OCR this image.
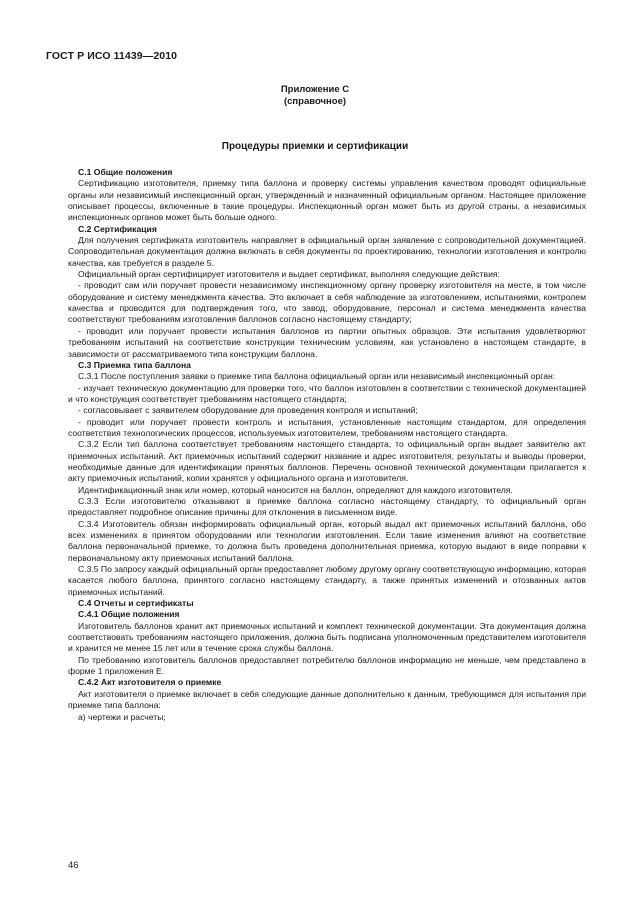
ГОСТ Р ИСО 11439—2010
Приложение С
(справочное)
Процедуры приемки и сертификации

С.1 Общие положения

Сертификацию изготовителя, приемку типа баллона и проверку системы управления качеством проводят официальные органы или независимый инспекционный орган, утвержденный и назначенный официальным органом. Настоящее приложение описывает процессы, включенные в такие процедуры. Инспекционный орган может быть из другой страны, а независимых инспекционных органов может быть больше одного.

С.2 Сертификация

Для получения сертификата изготовитель направляет в официальный орган заявление с сопроводительной документацией. Сопроводительная документация должна включать в себя документы по проектированию, технологии изготовления и контролю качества, как требуется в разделе 5.

Официальный орган сертифицирует изготовителя и выдает сертификат, выполняя следующие действия:

- проводит сам или поручает провести независимому инспекционному органу проверку изготовителя на месте, в том числе оборудование и систему менеджмента качества. Это включает в себя наблюдение за изготовлением, испытаниями, контролем качества и проводится для подтверждения того, что завод, оборудование, персонал и система менеджмента качества соответствуют требованиям изготовления баллонов согласно настоящему стандарту;

- проводит или поручает провести испытания баллонов из партии опытных образцов. Эти испытания удовлетворяют требованиям испытаний на соответствие конструкции техническим условиям, как установлено в настоящем стандарте, в зависимости от рассматриваемого типа конструкции баллона.

С.3 Приемка типа баллона

С.3.1 После поступления заявки о приемке типа баллона официальный орган или независимый инспекционный орган:

- изучает техническую документацию для проверки того, что баллон изготовлен в соответствии с технической документацией и что конструкция соответствует требованиям настоящего стандарта;

- согласовывает с заявителем оборудование для проведения контроля и испытаний;

- проводит или поручает провести контроль и испытания, установленные настоящим стандартом, для определения соответствия технологических процессов, используемых изготовителем, требованиям настоящего стандарта.

С.3.2 Если тип баллона соответствует требованиям настоящего стандарта, то официальный орган выдает заявителю акт приемочных испытаний. Акт приемочных испытаний содержит название и адрес изготовителя, результаты и выводы проверки, необходимые данные для идентификации принятых баллонов. Перечень основной технической документации прилагается к акту приемочных испытаний, копии хранятся у официального органа и изготовителя.

Идентификационный знак или номер, который наносится на баллон, определяют для каждого изготовителя.

С.3.3 Если изготовителю отказывают в приемке баллона согласно настоящему стандарту, то официальный орган предоставляет подробное описание причины для отклонения в письменном виде.

С.3.4 Изготовитель обязан информировать официальный орган, который выдал акт приемочных испытаний баллона, обо всех изменениях в принятом оборудовании или технологии изготовления. Если такие изменения влияют на соответствие баллона первоначальной приемке, то должна быть проведена дополнительная приемка, которую выдают в виде поправки к первоначальному акту приемочных испытаний баллона.

С.3.5 По запросу каждый официальный орган предоставляет любому другому органу соответствующую информацию, которая касается любого баллона, принятого согласно настоящему стандарту, а также принятых изменений и отозванных актов приемочных испытаний.

С.4 Отчеты и сертификаты

С.4.1 Общие положения

Изготовитель баллонов хранит акт приемочных испытаний и комплект технической документации. Эта документация должна соответствовать требованиям настоящего приложения, должна быть подписана уполномоченным представителем изготовителя и хранится не менее 15 лет или в течение срока службы баллона.

По требованию изготовитель баллонов предоставляет потребителю баллонов информацию не меньше, чем представлено в форме 1 приложения Е.

С.4.2 Акт изготовителя о приемке

Акт изготовителя о приемке включает в себя следующие данные дополнительно к данным, требующимся для испытания при приемке типа баллона:

а) чертежи и расчеты;

46
